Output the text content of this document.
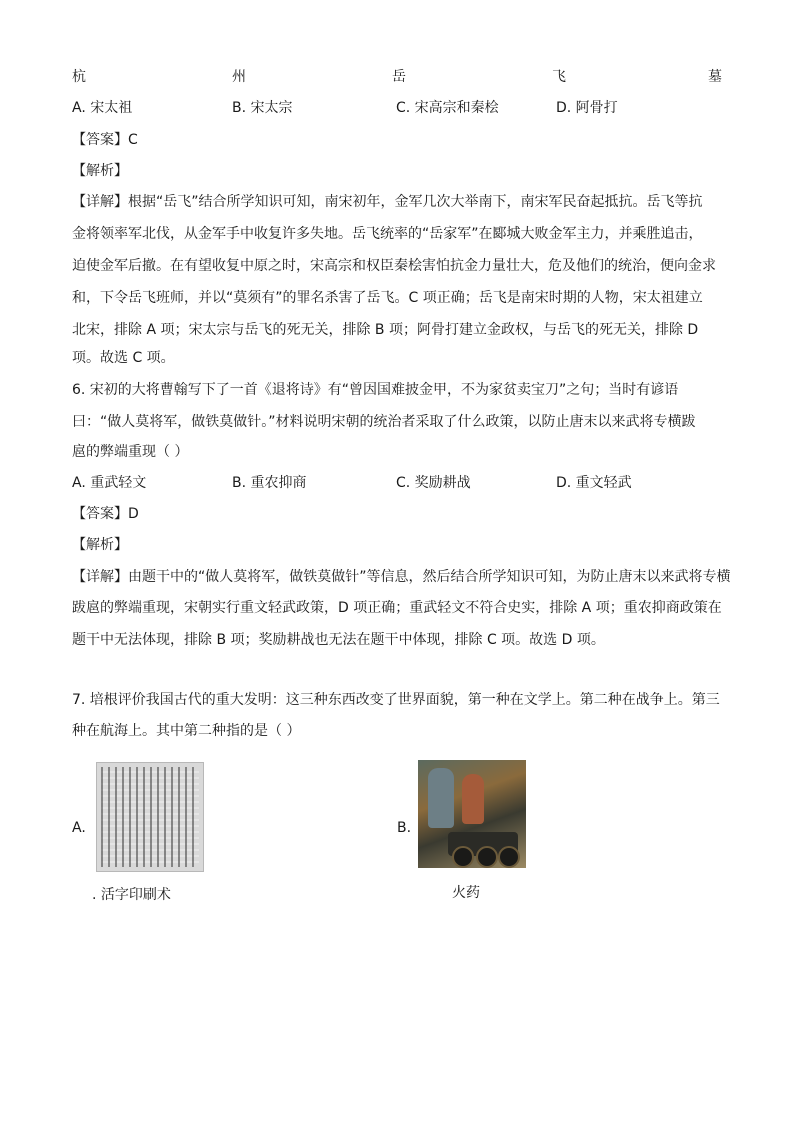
杭	州	岳	飞	墓
A. 宋太祖	B. 宋太宗	C. 宋高宗和秦桧	D. 阿骨打
【答案】C
【解析】
【详解】根据“岳飞”结合所学知识可知，南宋初年，金军几次大举南下，南宋军民奋起抵抗。岳飞等抗
金将领率军北伐，从金军手中收复许多失地。岳飞统率的“岳家军”在郾城大败金军主力，并乘胜追击，
迫使金军后撤。在有望收复中原之时，宋高宗和权臣秦桧害怕抗金力量壮大，危及他们的统治，便向金求
和，下令岳飞班师，并以“莫须有”的罪名杀害了岳飞。C 项正确；岳飞是南宋时期的人物，宋太祖建立
北宋，排除 A 项；宋太宗与岳飞的死无关，排除 B 项；阿骨打建立金政权，与岳飞的死无关，排除 D
项。故选 C 项。
6. 宋初的大将曹翰写下了一首《退将诗》有“曾因国难披金甲，不为家贫卖宝刀”之句；当时有谚语
曰：“做人莫将军，做铁莫做针。”材料说明宋朝的统治者采取了什么政策，以防止唐末以来武将专横跋
扈的弊端重现（ ）
A. 重武轻文	B. 重农抑商	C. 奖励耕战	D. 重文轻武
【答案】D
【解析】
【详解】由题干中的“做人莫将军，做铁莫做针”等信息，然后结合所学知识可知，为防止唐末以来武将专横
跋扈的弊端重现，宋朝实行重文轻武政策，D 项正确；重武轻文不符合史实，排除 A 项；重农抑商政策在
题干中无法体现，排除 B 项；奖励耕战也无法在题干中体现，排除 C 项。故选 D 项。
7. 培根评价我国古代的重大发明：这三种东西改变了世界面貌，第一种在文学上。第二种在战争上。第三
种在航海上。其中第二种指的是（ ）
A.
. 活字印刷术
B.
火药
